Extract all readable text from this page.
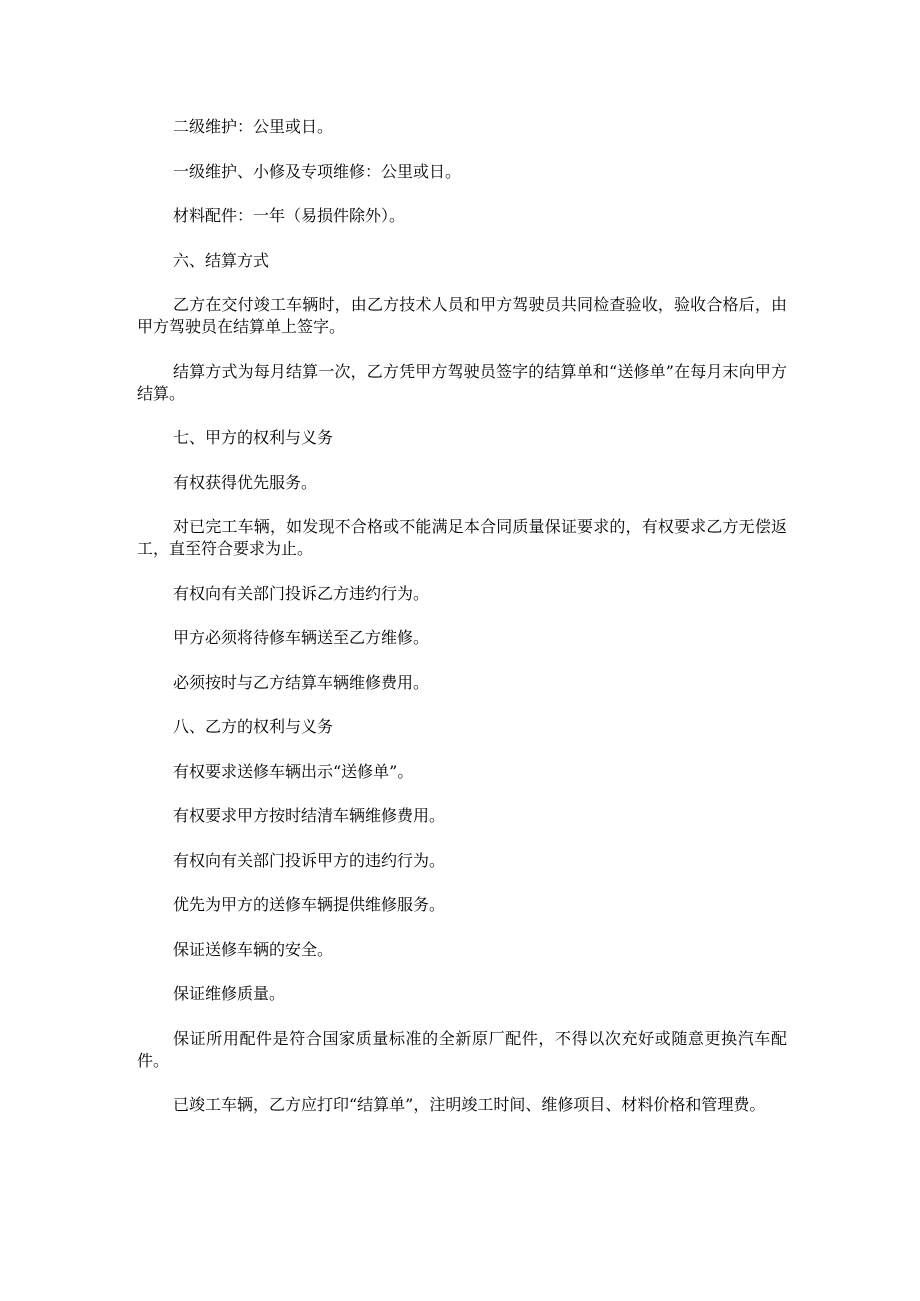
二级维护：公里或日。

一级维护、小修及专项维修：公里或日。

材料配件：一年（易损件除外）。

六、结算方式

乙方在交付竣工车辆时，由乙方技术人员和甲方驾驶员共同检查验收，验收合格后，由甲方驾驶员在结算单上签字。

结算方式为每月结算一次，乙方凭甲方驾驶员签字的结算单和“送修单”在每月末向甲方结算。

七、甲方的权利与义务

有权获得优先服务。

对已完工车辆，如发现不合格或不能满足本合同质量保证要求的，有权要求乙方无偿返工，直至符合要求为止。

有权向有关部门投诉乙方违约行为。

甲方必须将待修车辆送至乙方维修。

必须按时与乙方结算车辆维修费用。

八、乙方的权利与义务

有权要求送修车辆出示“送修单”。

有权要求甲方按时结清车辆维修费用。

有权向有关部门投诉甲方的违约行为。

优先为甲方的送修车辆提供维修服务。

保证送修车辆的安全。

保证维修质量。

保证所用配件是符合国家质量标准的全新原厂配件，不得以次充好或随意更换汽车配件。

已竣工车辆，乙方应打印“结算单”，注明竣工时间、维修项目、材料价格和管理费。
